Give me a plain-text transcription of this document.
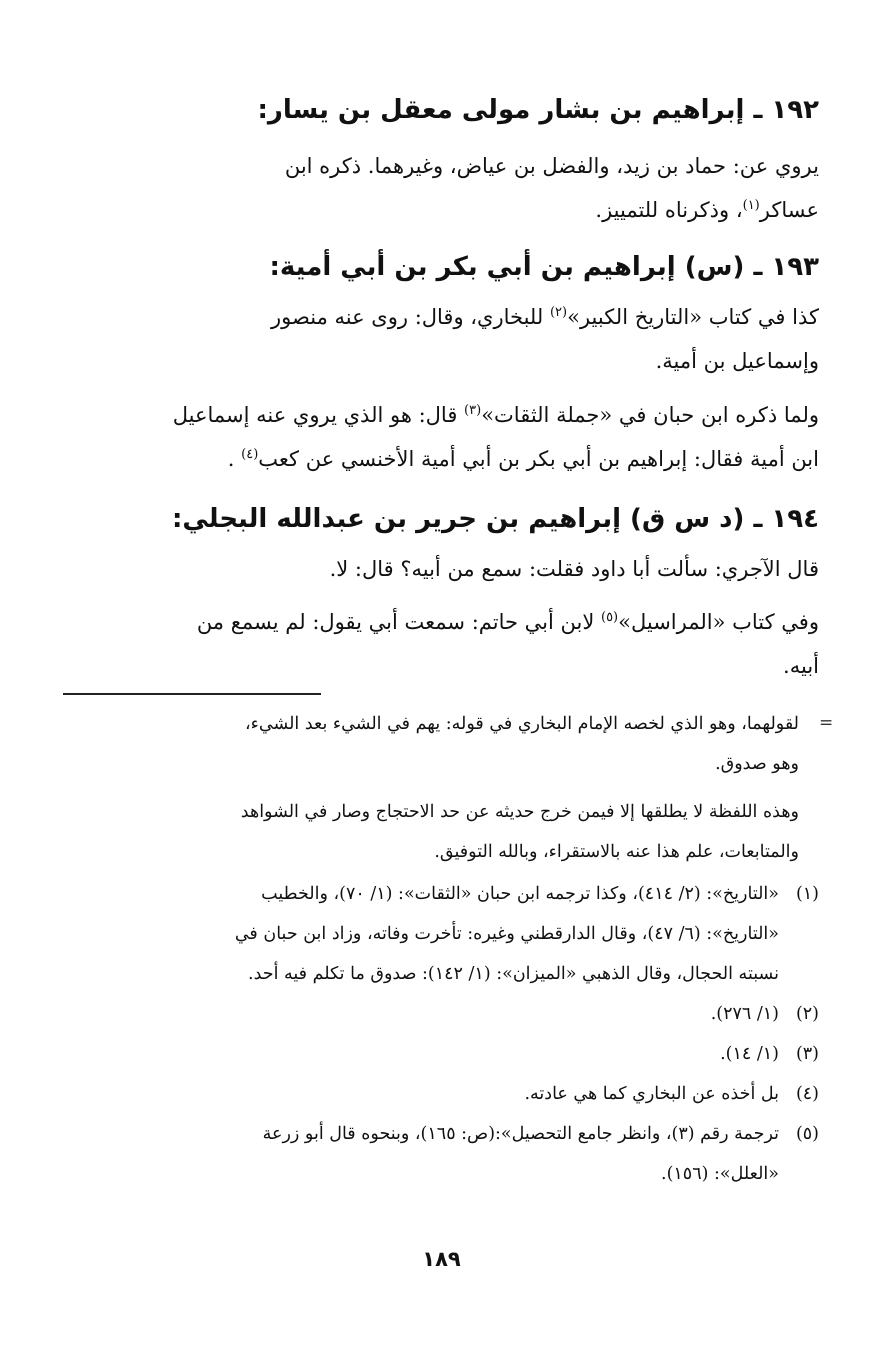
١٩٢ ـ إبراهيم بن بشار مولى معقل بن يسار:
يروي عن: حماد بن زيد، والفضل بن عياض، وغيرهما. ذكره ابن
عساكر$^{(١)}$، وذكرناه للتمييز.
١٩٣ ـ (س) إبراهيم بن أبي بكر بن أبي أمية:
كذا في كتاب «التاريخ الكبير»$^{(٢)}$ للبخاري، وقال: روى عنه منصور
وإسماعيل بن أمية.
ولما ذكره ابن حبان في «جملة الثقات»$^{(٣)}$ قال: هو الذي يروي عنه إسماعيل
ابن أمية فقال: إبراهيم بن أبي بكر بن أبي أمية الأخنسي عن كعب$^{(٤)}$ .
١٩٤ ـ (د س ق) إبراهيم بن جرير بن عبدالله البجلي:
قال الآجري: سألت أبا داود فقلت: سمع من أبيه؟ قال: لا.
وفي كتاب «المراسيل»$^{(٥)}$ لابن أبي حاتم: سمعت أبي يقول: لم يسمع من
أبيه.
=
لقولهما، وهو الذي لخصه الإمام البخاري في قوله: يهم في الشيء بعد الشيء،
وهو صدوق.
وهذه اللفظة لا يطلقها إلا فيمن خرج حديثه عن حد الاحتجاج وصار في الشواهد
والمتابعات، علم هذا عنه بالاستقراء، وبالله التوفيق.
(١)
«التاريخ»: (٢/ ٤١٤)، وكذا ترجمه ابن حبان «الثقات»: (١/ ٧٠)، والخطيب
«التاريخ»: (٦/ ٤٧)، وقال الدارقطني وغيره: تأخرت وفاته، وزاد ابن حبان في
نسبته الحجال، وقال الذهبي «الميزان»: (١/ ١٤٢): صدوق ما تكلم فيه أحد.
(٢)
(١/ ٢٧٦).
(٣)
(١/ ١٤).
(٤)
بل أخذه عن البخاري كما هي عادته.
(٥)
ترجمة رقم (٣)، وانظر جامع التحصيل»:(ص: ١٦٥)، وبنحوه قال أبو زرعة
«العلل»: (١٥٦).
١٨٩
